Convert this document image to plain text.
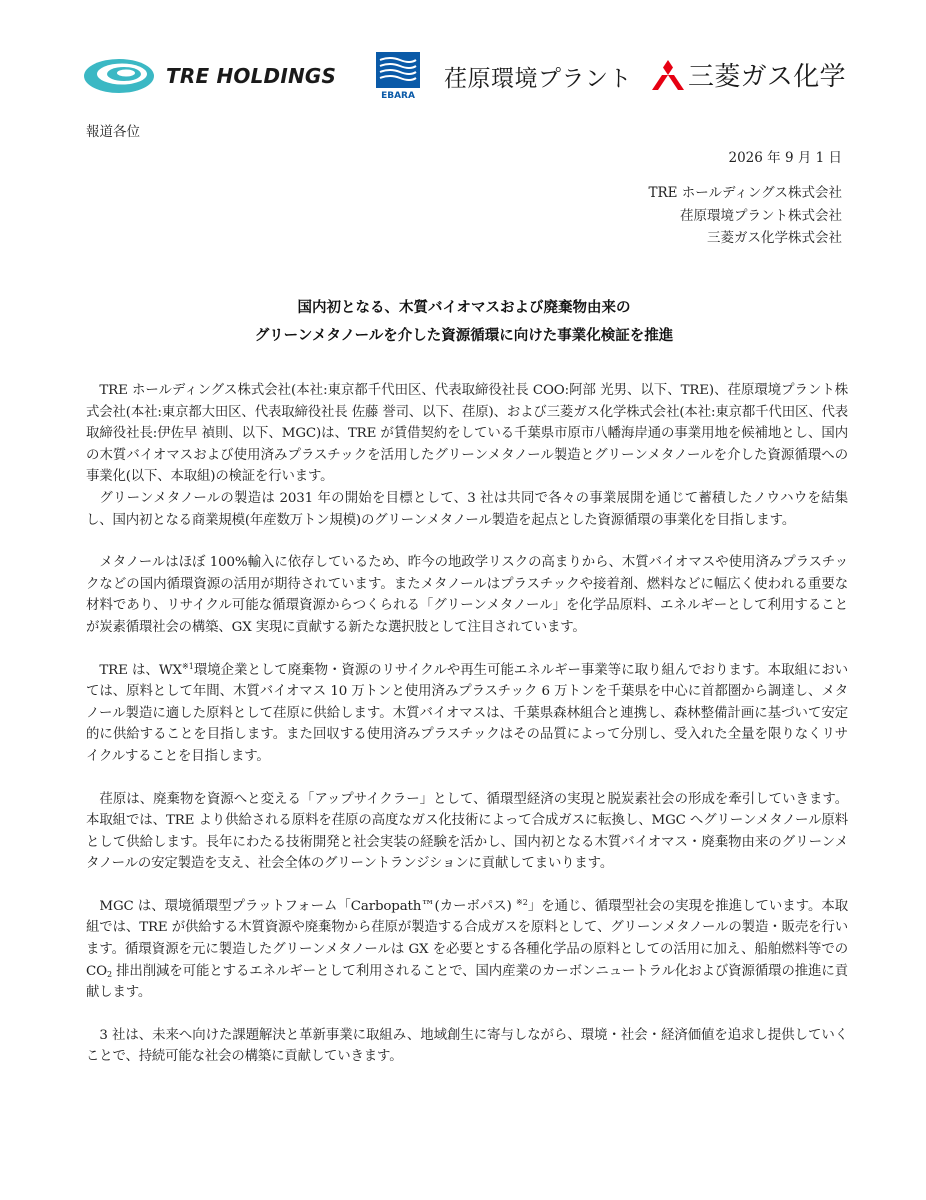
TRE HOLDINGS
EBARA
荏原環境プラント 三菱ガス化学
報道各位
2026 年 9 月 1 日
TRE ホールディングス株式会社
荏原環境プラント株式会社
三菱ガス化学株式会社
国内初となる、木質バイオマスおよび廃棄物由来の
グリーンメタノールを介した資源循環に向けた事業化検証を推進

TRE ホールディングス株式会社(本社:東京都千代田区、代表取締役社長 COO:阿部 光男、以下、TRE)、荏原環境プラント株式会社(本社:東京都大田区、代表取締役社長 佐藤 誉司、以下、荏原)、および三菱ガス化学株式会社(本社:東京都千代田区、代表取締役社長:伊佐早 禎則、以下、MGC)は、TRE が賃借契約をしている千葉県市原市八幡海岸通の事業用地を候補地とし、国内の木質バイオマスおよび使用済みプラスチックを活用したグリーンメタノール製造とグリーンメタノールを介した資源循環への事業化(以下、本取組)の検証を行います。

グリーンメタノールの製造は 2031 年の開始を目標として、3 社は共同で各々の事業展開を通じて蓄積したノウハウを結集し、国内初となる商業規模(年産数万トン規模)のグリーンメタノール製造を起点とした資源循環の事業化を目指します。

メタノールはほぼ 100%輸入に依存しているため、昨今の地政学リスクの高まりから、木質バイオマスや使用済みプラスチックなどの国内循環資源の活用が期待されています。またメタノールはプラスチックや接着剤、燃料などに幅広く使われる重要な材料であり、リサイクル可能な循環資源からつくられる「グリーンメタノール」を化学品原料、エネルギーとして利用することが炭素循環社会の構築、GX 実現に貢献する新たな選択肢として注目されています。

TRE は、WX$^{※1}$環境企業として廃棄物・資源のリサイクルや再生可能エネルギー事業等に取り組んでおります。本取組においては、原料として年間、木質バイオマス 10 万トンと使用済みプラスチック 6 万トンを千葉県を中心に首都圏から調達し、メタノール製造に適した原料として荏原に供給します。木質バイオマスは、千葉県森林組合と連携し、森林整備計画に基づいて安定的に供給することを目指します。また回収する使用済みプラスチックはその品質によって分別し、受入れた全量を限りなくリサイクルすることを目指します。

荏原は、廃棄物を資源へと変える「アップサイクラー」として、循環型経済の実現と脱炭素社会の形成を牽引していきます。本取組では、TRE より供給される原料を荏原の高度なガス化技術によって合成ガスに転換し、MGC へグリーンメタノール原料として供給します。長年にわたる技術開発と社会実装の経験を活かし、国内初となる木質バイオマス・廃棄物由来のグリーンメタノールの安定製造を支え、社会全体のグリーントランジションに貢献してまいります。

MGC は、環境循環型プラットフォーム「Carbopath™(カーボパス) $^{※2}$」を通じ、循環型社会の実現を推進しています。本取組では、TRE が供給する木質資源や廃棄物から荏原が製造する合成ガスを原料として、グリーンメタノールの製造・販売を行います。循環資源を元に製造したグリーンメタノールは GX を必要とする各種化学品の原料としての活用に加え、船舶燃料等での $CO_2$ 排出削減を可能とするエネルギーとして利用されることで、国内産業のカーボンニュートラル化および資源循環の推進に貢献します。

3 社は、未来へ向けた課題解決と革新事業に取組み、地域創生に寄与しながら、環境・社会・経済価値を追求し提供していくことで、持続可能な社会の構築に貢献していきます。
